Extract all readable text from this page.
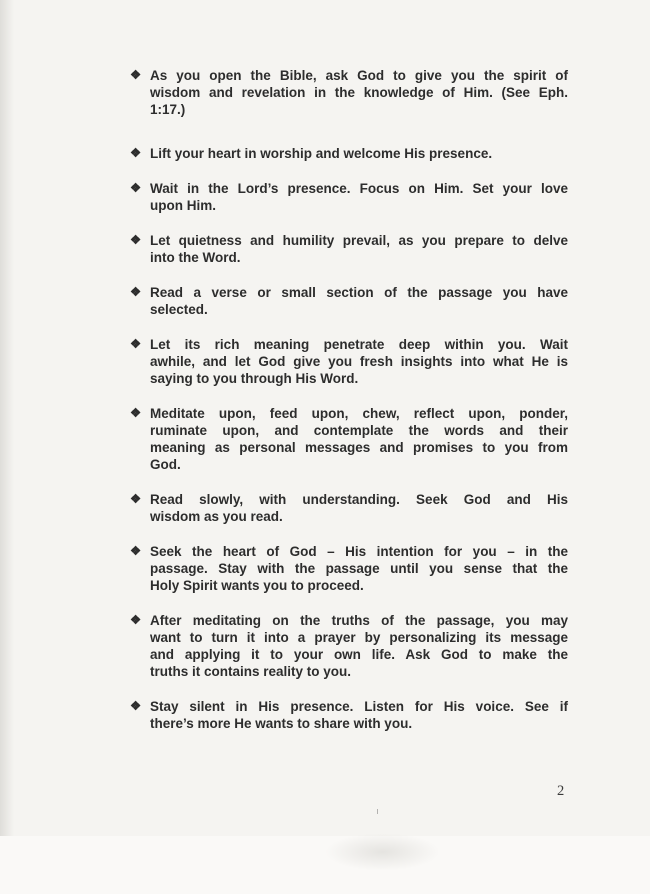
❖ As you open the Bible, ask God to give you the spirit of
wisdom and revelation in the knowledge of Him. (See Eph.
1:17.)
❖ Lift your heart in worship and welcome His presence.
❖ Wait in the Lord’s presence. Focus on Him. Set your love
upon Him.
❖ Let quietness and humility prevail, as you prepare to delve
into the Word.
❖ Read a verse or small section of the passage you have
selected.
❖ Let its rich meaning penetrate deep within you. Wait
awhile, and let God give you fresh insights into what He is
saying to you through His Word.
❖ Meditate upon, feed upon, chew, reflect upon, ponder,
ruminate upon, and contemplate the words and their
meaning as personal messages and promises to you from
God.
❖ Read slowly, with understanding. Seek God and His
wisdom as you read.
❖ Seek the heart of God – His intention for you – in the
passage. Stay with the passage until you sense that the
Holy Spirit wants you to proceed.
❖ After meditating on the truths of the passage, you may
want to turn it into a prayer by personalizing its message
and applying it to your own life. Ask God to make the
truths it contains reality to you.
❖ Stay silent in His presence. Listen for His voice. See if
there’s more He wants to share with you.
2
